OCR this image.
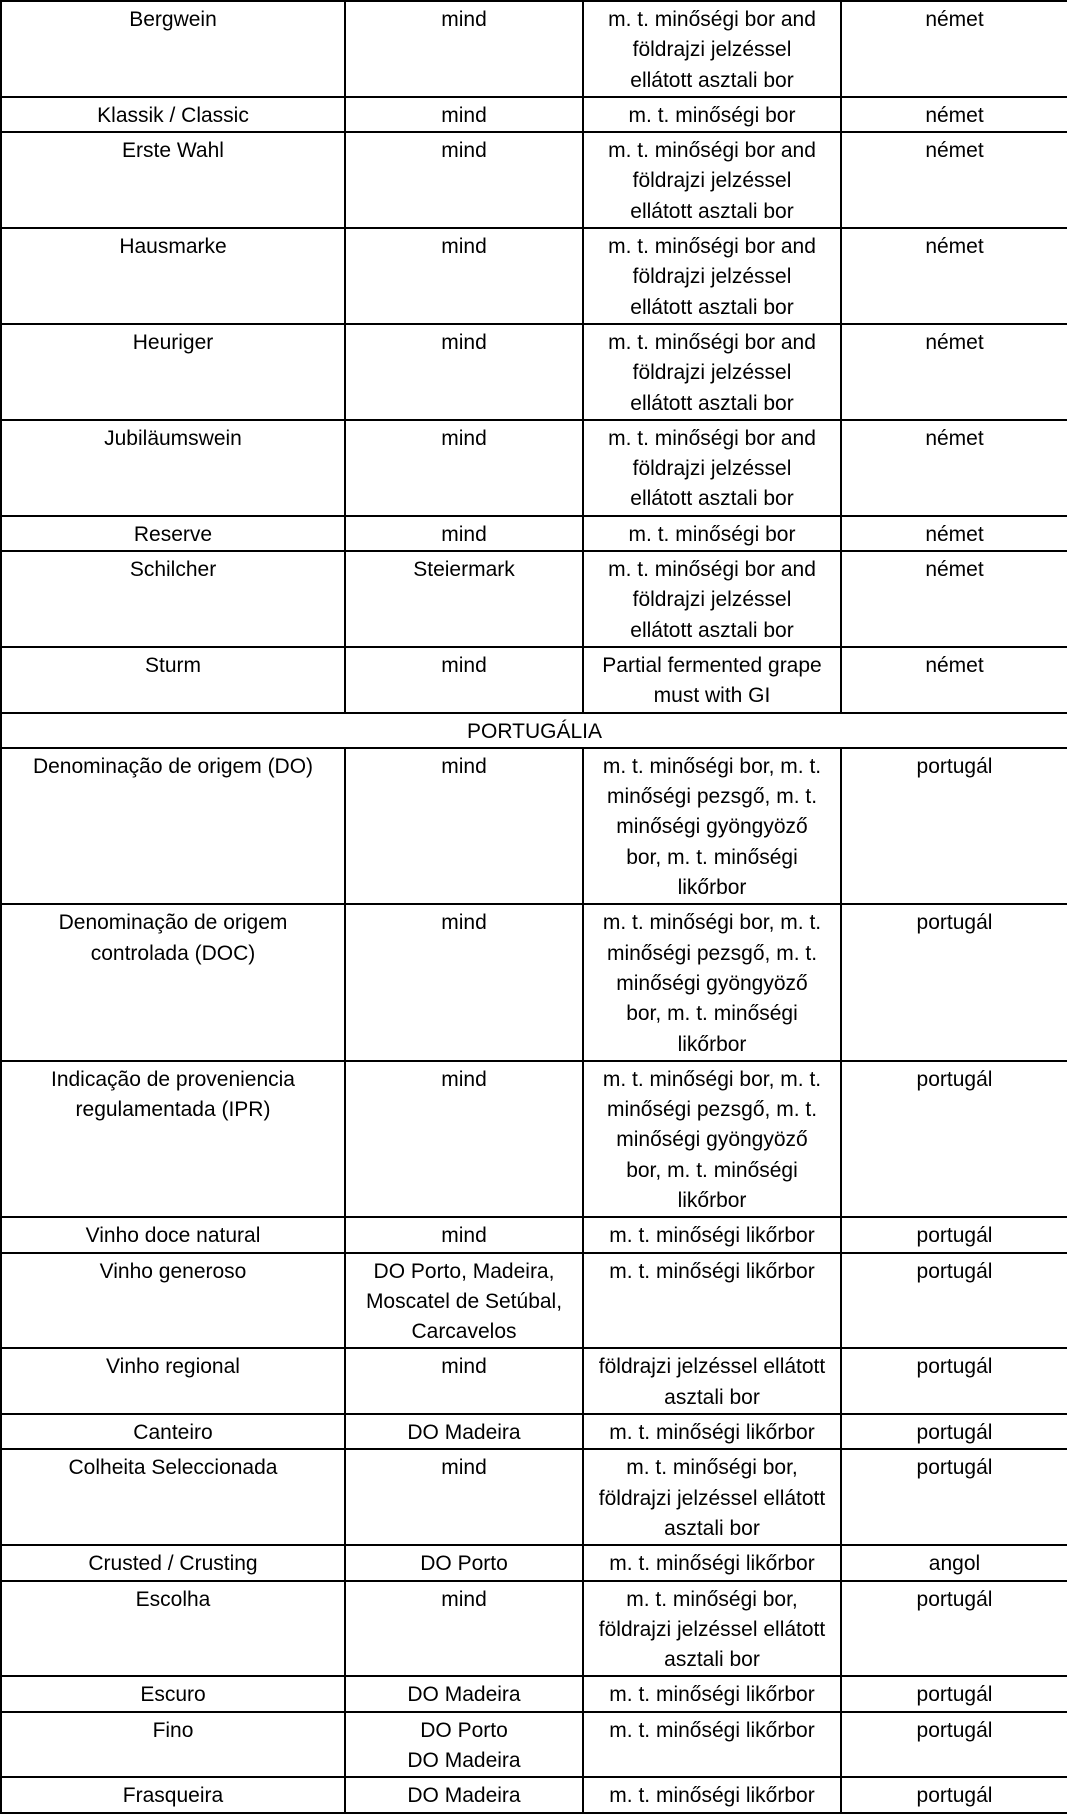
Bergwein	mind	m. t. minőségi bor and
földrajzi jelzéssel
ellátott asztali bor	német

Klassik / Classic	mind	m. t. minőségi bor	német

Erste Wahl	mind	m. t. minőségi bor and
földrajzi jelzéssel
ellátott asztali bor	német

Hausmarke	mind	m. t. minőségi bor and
földrajzi jelzéssel
ellátott asztali bor	német

Heuriger	mind	m. t. minőségi bor and
földrajzi jelzéssel
ellátott asztali bor	német

Jubiläumswein	mind	m. t. minőségi bor and
földrajzi jelzéssel
ellátott asztali bor	német

Reserve	mind	m. t. minőségi bor	német

Schilcher	Steiermark	m. t. minőségi bor and
földrajzi jelzéssel
ellátott asztali bor	német

Sturm	mind	Partial fermented grape
must with GI	német

PORTUGÁLIA			

Denominação de origem (DO)	mind	m. t. minőségi bor, m. t.
minőségi pezsgő, m. t.
minőségi gyöngyöző
bor, m. t. minőségi
likőrbor	portugál

Denominação de origem
controlada (DOC)	mind	m. t. minőségi bor, m. t.
minőségi pezsgő, m. t.
minőségi gyöngyöző
bor, m. t. minőségi
likőrbor	portugál

Indicação de proveniencia
regulamentada (IPR)	mind	m. t. minőségi bor, m. t.
minőségi pezsgő, m. t.
minőségi gyöngyöző
bor, m. t. minőségi
likőrbor	portugál

Vinho doce natural	mind	m. t. minőségi likőrbor	portugál

Vinho generoso	DO Porto, Madeira,
Moscatel de Setúbal,
Carcavelos	m. t. minőségi likőrbor	portugál

Vinho regional	mind	földrajzi jelzéssel ellátott
asztali bor	portugál

Canteiro	DO Madeira	m. t. minőségi likőrbor	portugál

Colheita Seleccionada	mind	m. t. minőségi bor,
földrajzi jelzéssel ellátott
asztali bor	portugál

Crusted / Crusting	DO Porto	m. t. minőségi likőrbor	angol

Escolha	mind	m. t. minőségi bor,
földrajzi jelzéssel ellátott
asztali bor	portugál

Escuro	DO Madeira	m. t. minőségi likőrbor	portugál

Fino	DO Porto
DO Madeira	m. t. minőségi likőrbor	portugál

Frasqueira	DO Madeira	m. t. minőségi likőrbor	portugál
